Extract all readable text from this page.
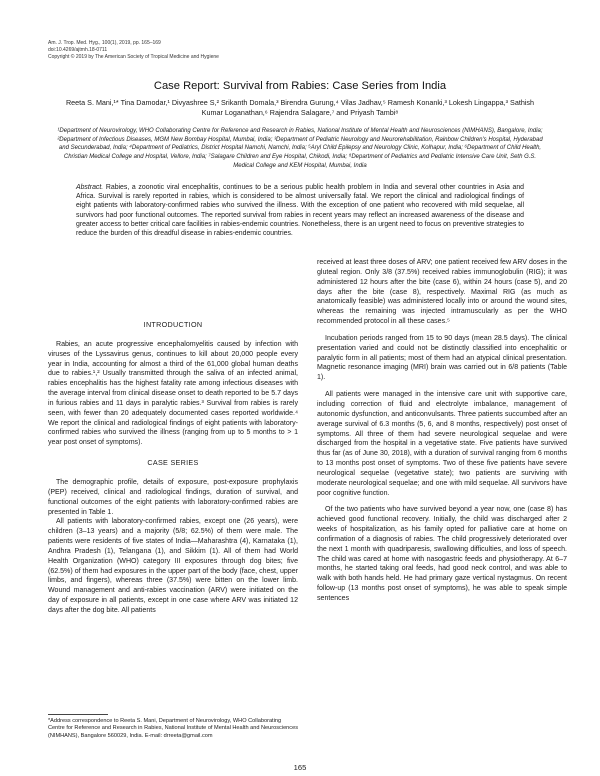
Am. J. Trop. Med. Hyg., 100(1), 2019, pp. 165–169
doi:10.4269/ajtmh.18-0711
Copyright © 2019 by The American Society of Tropical Medicine and Hygiene
Case Report: Survival from Rabies: Case Series from India
Reeta S. Mani,¹* Tina Damodar,¹ Divyashree S,² Srikanth Domala,³ Birendra Gurung,⁴ Vilas Jadhav,⁵ Ramesh Konanki,³ Lokesh Lingappa,³ Sathish Kumar Loganathan,⁶ Rajendra Salagare,⁷ and Priyash Tambi⁸
¹Department of Neurovirology, WHO Collaborating Centre for Reference and Research in Rabies, National Institute of Mental Health and Neurosciences (NIMHANS), Bangalore, India; ²Department of Infectious Diseases, MGM New Bombay Hospital, Mumbai, India; ³Department of Pediatric Neurology and Neurorehabilitation, Rainbow Children's Hospital, Hyderabad and Secunderabad, India; ⁴Department of Pediatrics, District Hospital Namchi, Namchi, India; ⁵Aryl Child Epilepsy and Neurology Clinic, Kolhapur, India; ⁶Department of Child Health, Christian Medical College and Hospital, Vellore, India; ⁷Salagare Children and Eye Hospital, Chikodi, India; ⁸Department of Pediatrics and Pediatric Intensive Care Unit, Seth G.S. Medical College and KEM Hospital, Mumbai, India
Abstract. Rabies, a zoonotic viral encephalitis, continues to be a serious public health problem in India and several other countries in Asia and Africa. Survival is rarely reported in rabies, which is considered to be almost universally fatal. We report the clinical and radiological findings of eight patients with laboratory-confirmed rabies who survived the illness. With the exception of one patient who recovered with mild sequelae, all survivors had poor functional outcomes. The reported survival from rabies in recent years may reflect an increased awareness of the disease and greater access to better critical care facilities in rabies-endemic countries. Nonetheless, there is an urgent need to focus on preventive strategies to reduce the burden of this dreadful disease in rabies-endemic countries.
INTRODUCTION

Rabies, an acute progressive encephalomyelitis caused by infection with viruses of the Lyssavirus genus, continues to kill about 20,000 people every year in India, accounting for almost a third of the 61,000 global human deaths due to rabies.¹,² Usually transmitted through the saliva of an infected animal, rabies encephalitis has the highest fatality rate among infectious diseases with the average interval from clinical disease onset to death reported to be 5.7 days in furious rabies and 11 days in paralytic rabies.³ Survival from rabies is rarely seen, with fewer than 20 adequately documented cases reported worldwide.⁴ We report the clinical and radiological findings of eight patients with laboratory-confirmed rabies who survived the illness (ranging from up to 5 months to > 1 year post onset of symptoms).

CASE SERIES

The demographic profile, details of exposure, post-exposure prophylaxis (PEP) received, clinical and radiological findings, duration of survival, and functional outcomes of the eight patients with laboratory-confirmed rabies are presented in Table 1.

All patients with laboratory-confirmed rabies, except one (26 years), were children (3–13 years) and a majority (5/8; 62.5%) of them were male. The patients were residents of five states of India—Maharashtra (4), Karnataka (1), Andhra Pradesh (1), Telangana (1), and Sikkim (1). All of them had World Health Organization (WHO) category III exposures through dog bites; five (62.5%) of them had exposures in the upper part of the body (face, chest, upper limbs, and fingers), whereas three (37.5%) were bitten on the lower limb. Wound management and anti-rabies vaccination (ARV) were initiated on the day of exposure in all patients, except in one case where ARV was initiated 12 days after the dog bite. All patients

received at least three doses of ARV; one patient received few ARV doses in the gluteal region. Only 3/8 (37.5%) received rabies immunoglobulin (RIG); it was administered 12 hours after the bite (case 6), within 24 hours (case 5), and 20 days after the bite (case 8), respectively. Maximal RIG (as much as anatomically feasible) was administered locally into or around the wound sites, whereas the remaining was injected intramuscularly as per the WHO recommended protocol in all these cases.⁵

Incubation periods ranged from 15 to 90 days (mean 28.5 days). The clinical presentation varied and could not be distinctly classified into encephalitic or paralytic form in all patients; most of them had an atypical clinical presentation. Magnetic resonance imaging (MRI) brain was carried out in 6/8 patients (Table 1).

All patients were managed in the intensive care unit with supportive care, including correction of fluid and electrolyte imbalance, management of autonomic dysfunction, and anticonvulsants. Three patients succumbed after an average survival of 6.3 months (5, 6, and 8 months, respectively) post onset of symptoms. All three of them had severe neurological sequelae and were discharged from the hospital in a vegetative state. Five patients have survived thus far (as of June 30, 2018), with a duration of survival ranging from 6 months to 13 months post onset of symptoms. Two of these five patients have severe neurological sequelae (vegetative state); two patients are surviving with moderate neurological sequelae; and one with mild sequelae. All survivors have poor cognitive function.

Of the two patients who have survived beyond a year now, one (case 8) has achieved good functional recovery. Initially, the child was discharged after 2 weeks of hospitalization, as his family opted for palliative care at home on confirmation of a diagnosis of rabies. The child progressively deteriorated over the next 1 month with quadriparesis, swallowing difficulties, and loss of speech. The child was cared at home with nasogastric feeds and physiotherapy. At 6–7 months, he started taking oral feeds, had good neck control, and was able to walk with both hands held. He had primary gaze vertical nystagmus. On recent follow-up (13 months post onset of symptoms), he was able to speak simple sentences

*Address correspondence to Reeta S. Mani, Department of Neurovirology, WHO Collaborating Centre for Reference and Research in Rabies, National Institute of Mental Health and Neurosciences (NIMHANS), Bangalore 560029, India. E-mail: drreeta@gmail.com
165
